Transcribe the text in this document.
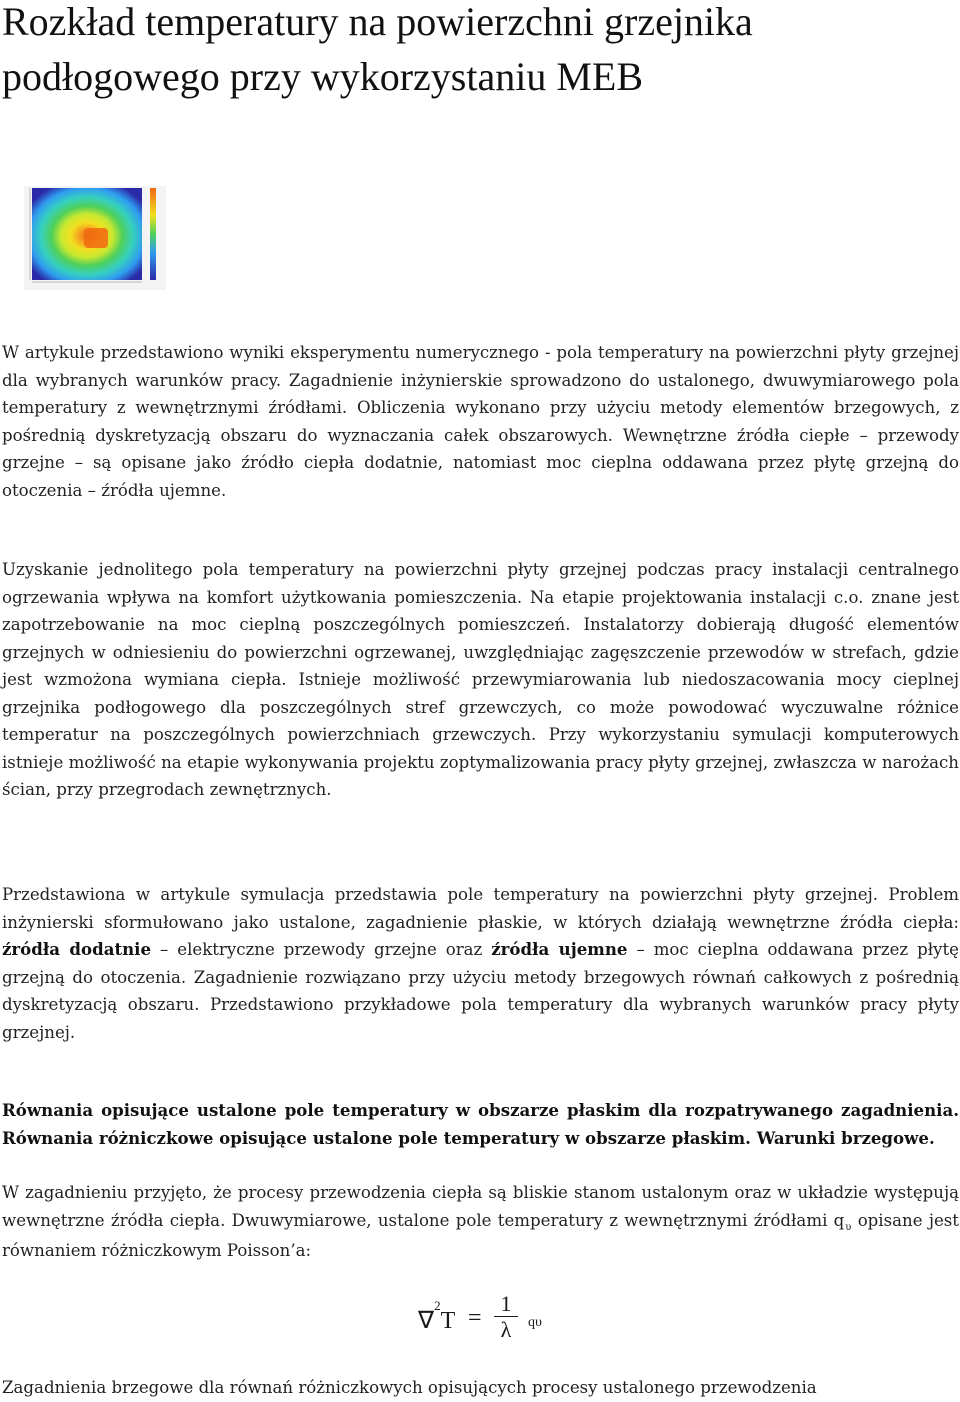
Rozkład temperatury na powierzchni grzejnika podłogowego przy wykorzystaniu MEB

W artykule przedstawiono wyniki eksperymentu numerycznego - pola temperatury na powierzchni płyty grzejnej dla wybranych warunków pracy. Zagadnienie inżynierskie sprowadzono do ustalonego, dwuwymiarowego pola temperatury z wewnętrznymi źródłami. Obliczenia wykonano przy użyciu metody elementów brzegowych, z pośrednią dyskretyzacją obszaru do wyznaczania całek obszarowych. Wewnętrzne źródła ciepłe – przewody grzejne – są opisane jako źródło ciepła dodatnie, natomiast moc cieplna oddawana przez płytę grzejną do otoczenia – źródła ujemne.

Uzyskanie jednolitego pola temperatury na powierzchni płyty grzejnej podczas pracy instalacji centralnego ogrzewania wpływa na komfort użytkowania pomieszczenia. Na etapie projektowania instalacji c.o. znane jest zapotrzebowanie na moc cieplną poszczególnych pomieszczeń. Instalatorzy dobierają długość elementów grzejnych w odniesieniu do powierzchni ogrzewanej, uwzględniając zagęszczenie przewodów w strefach, gdzie jest wzmożona wymiana ciepła. Istnieje możliwość przewymiarowania lub niedoszacowania mocy cieplnej grzejnika podłogowego dla poszczególnych stref grzewczych, co może powodować wyczuwalne różnice temperatur na poszczególnych powierzchniach grzewczych. Przy wykorzystaniu symulacji komputerowych istnieje możliwość na etapie wykonywania projektu zoptymalizowania pracy płyty grzejnej, zwłaszcza w narożach ścian, przy przegrodach zewnętrznych.

Przedstawiona w artykule symulacja przedstawia pole temperatury na powierzchni płyty grzejnej. Problem inżynierski sformułowano jako ustalone, zagadnienie płaskie, w których działają wewnętrzne źródła ciepła: źródła dodatnie – elektryczne przewody grzejne oraz źródła ujemne – moc cieplna oddawana przez płytę grzejną do otoczenia. Zagadnienie rozwiązano przy użyciu metody brzegowych równań całkowych z pośrednią dyskretyzacją obszaru. Przedstawiono przykładowe pola temperatury dla wybranych warunków pracy płyty grzejnej.

Równania opisujące ustalone pole temperatury w obszarze płaskim dla rozpatrywanego zagadnienia. Równania różniczkowe opisujące ustalone pole temperatury w obszarze płaskim. Warunki brzegowe.

W zagadnieniu przyjęto, że procesy przewodzenia ciepła są bliskie stanom ustalonym oraz w układzie występują wewnętrzne źródła ciepła. Dwuwymiarowe, ustalone pole temperatury z wewnętrznymi źródłami $q_\upsilon$ opisane jest równaniem różniczkowym Poisson’a:

∇$^2$T =
1
λ	qυ

Zagadnienia brzegowe dla równań różniczkowych opisujących procesy ustalonego przewodzenia
